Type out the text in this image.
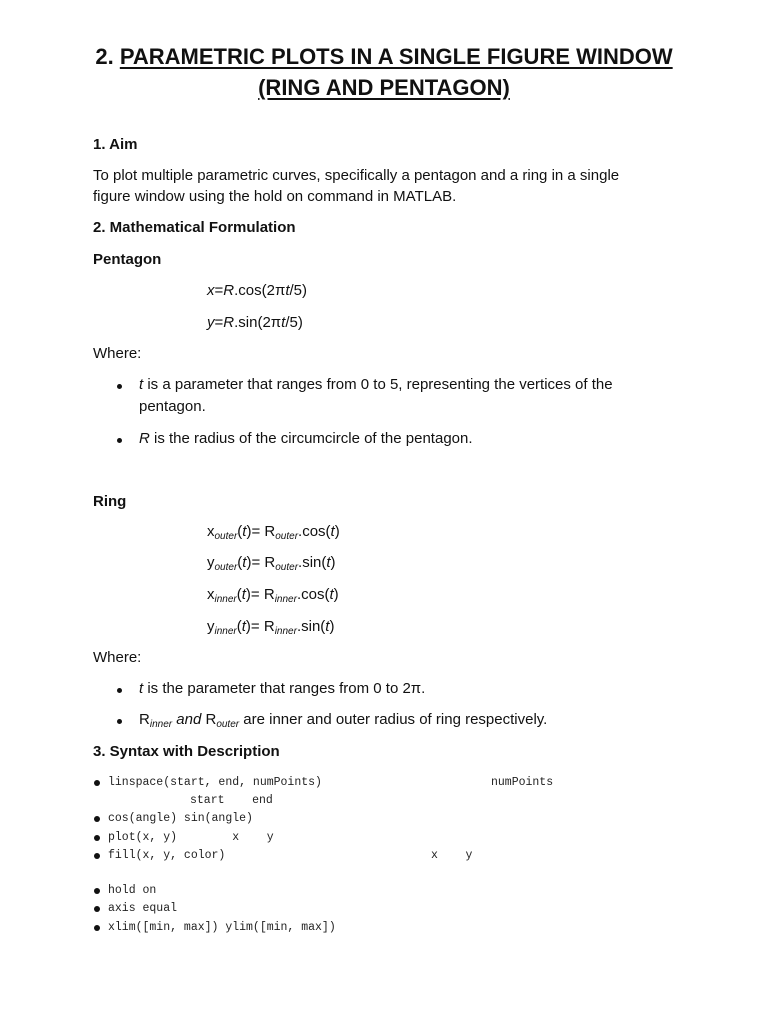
2. PARAMETRIC PLOTS IN A SINGLE FIGURE WINDOW
(RING AND PENTAGON)
1. Aim
To plot multiple parametric curves, specifically a pentagon and a ring in a single
figure window using the hold on command in MATLAB.
2. Mathematical Formulation
Pentagon
x=R.cos(2πt/5)
y=R.sin(2πt/5)
Where:
t is a parameter that ranges from 0 to 5, representing the vertices of the
pentagon.
R is the radius of the circumcircle of the pentagon.
Ring
$x_{outer}(t)= R_{outer}.\cos(t)$
$y_{outer}(t)= R_{outer}.\sin(t)$
$x_{inner}(t)= R_{inner}.\cos(t)$
$y_{inner}(t)= R_{inner}.\sin(t)$
Where:
t is the parameter that ranges from 0 to 2π.
$R_{inner}$ and $R_{outer}$ are inner and outer radius of ring respectively.
3. Syntax with Description
linspace(start, end, numPoints)	numPoints
start    end
cos(angle) sin(angle)
plot(x, y)        x    y
fill(x, y, color)	x    y
hold on
axis equal
xlim([min, max]) ylim([min, max])
